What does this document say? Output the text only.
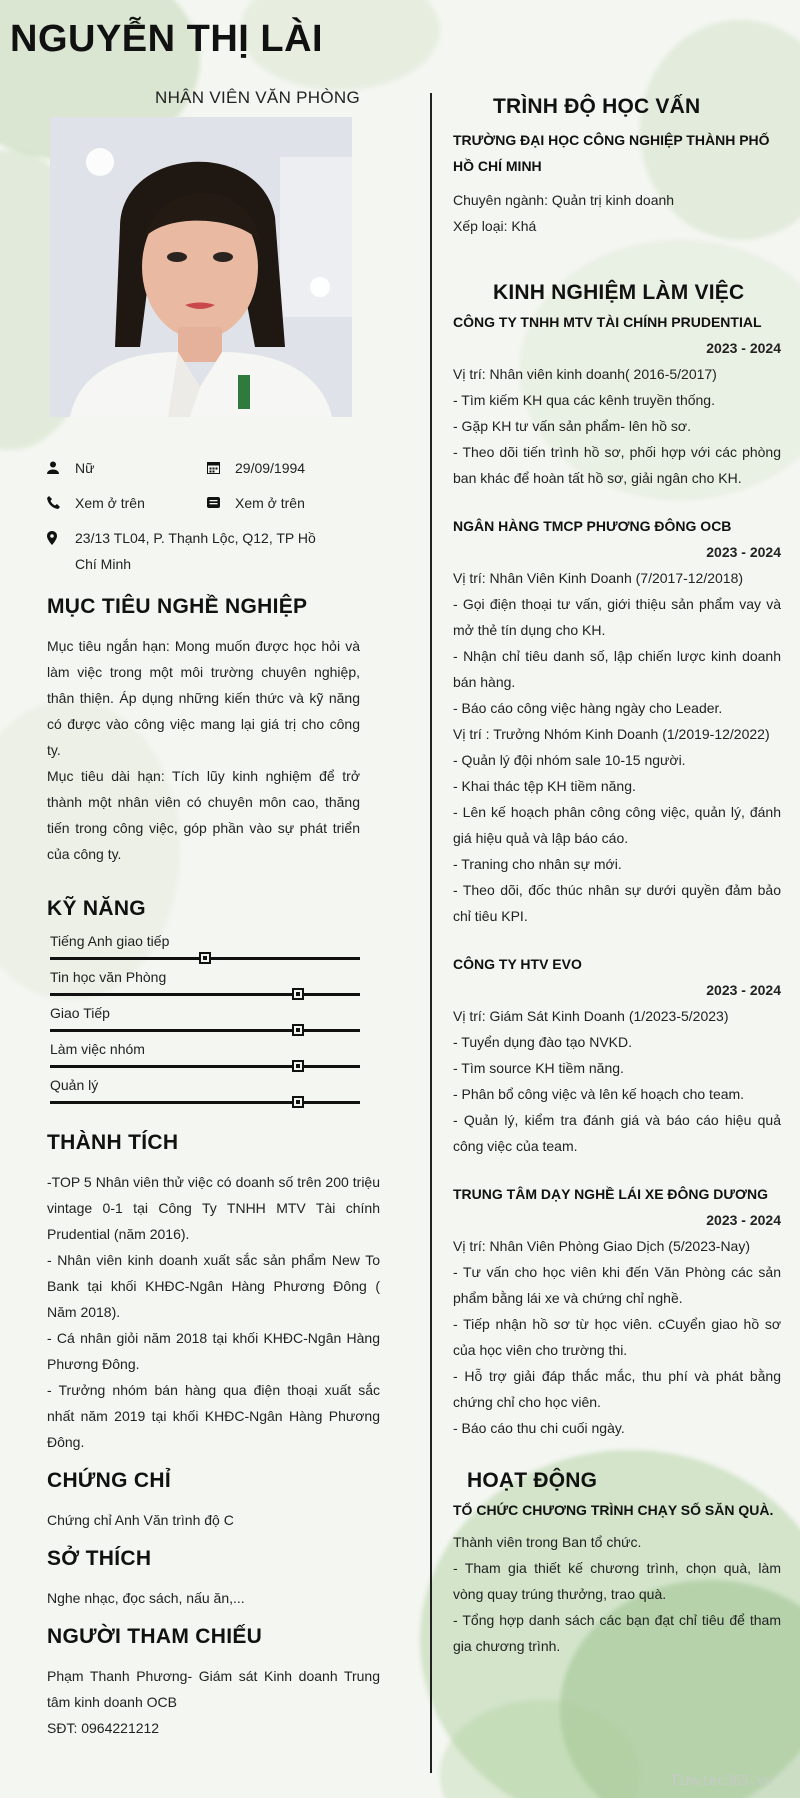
NGUYỄN THỊ LÀI
NHÂN VIÊN VĂN PHÒNG
Nữ	29/09/1994
Xem ở trên	Xem ở trên
23/13 TL04, P. Thạnh Lộc, Q12, TP Hồ Chí Minh
MỤC TIÊU NGHỀ NGHIỆP
Mục tiêu ngắn hạn: Mong muốn được học hỏi và làm việc trong một môi trường chuyên nghiệp, thân thiện. Áp dụng những kiến thức và kỹ năng có được vào công việc mang lại giá trị cho công ty.
Mục tiêu dài hạn: Tích lũy kinh nghiệm để trở thành một nhân viên có chuyên môn cao, thăng tiến trong công việc, góp phần vào sự phát triển của công ty.
KỸ NĂNG
Tiếng Anh giao tiếp
Tin học văn Phòng
Giao Tiếp
Làm việc nhóm
Quản lý
THÀNH TÍCH
-TOP 5 Nhân viên thử việc có doanh số trên 200 triệu vintage 0-1 tại Công Ty TNHH MTV Tài chính Prudential (năm 2016).
- Nhân viên kinh doanh xuất sắc sản phẩm New To Bank tại khối KHĐC-Ngân Hàng Phương Đông ( Năm 2018).
- Cá nhân giỏi năm 2018 tại khối KHĐC-Ngân Hàng Phương Đông.
- Trưởng nhóm bán hàng qua điện thoại xuất sắc nhất năm 2019 tại khối KHĐC-Ngân Hàng Phương Đông.
CHỨNG CHỈ
Chứng chỉ Anh Văn trình độ C
SỞ THÍCH
Nghe nhạc, đọc sách, nấu ăn,...
NGƯỜI THAM CHIẾU
Phạm Thanh Phương- Giám sát Kinh doanh Trung tâm kinh doanh OCB
SĐT: 0964221212
TRÌNH ĐỘ HỌC VẤN
TRƯỜNG ĐẠI HỌC CÔNG NGHIỆP THÀNH PHỐ HỒ CHÍ MINH
Chuyên ngành: Quản trị kinh doanh
Xếp loại: Khá
KINH NGHIỆM LÀM VIỆC
CÔNG TY TNHH MTV TÀI CHÍNH PRUDENTIAL
2023 - 2024
Vị trí: Nhân viên kinh doanh( 2016-5/2017)
- Tìm kiếm KH qua các kênh truyền thống.
- Gặp KH tư vấn sản phẩm- lên hồ sơ.
- Theo dõi tiến trình hồ sơ, phối hợp với các phòng ban khác để hoàn tất hồ sơ, giải ngân cho KH.
NGÂN HÀNG TMCP PHƯƠNG ĐÔNG OCB
2023 - 2024
Vị trí: Nhân Viên Kinh Doanh (7/2017-12/2018)
- Gọi điện thoại tư vấn, giới thiệu sản phẩm vay và mở thẻ tín dụng cho KH.
- Nhận chỉ tiêu danh số, lập chiến lược kinh doanh bán hàng.
- Báo cáo công việc hàng ngày cho Leader.
Vị trí : Trưởng Nhóm Kinh Doanh (1/2019-12/2022)
- Quản lý đội nhóm sale 10-15 người.
- Khai thác tệp KH tiềm năng.
- Lên kế hoạch phân công công việc, quản lý, đánh giá hiệu quả và lập báo cáo.
- Traning cho nhân sự mới.
- Theo dõi, đốc thúc nhân sự dưới quyền đảm bảo chỉ tiêu KPI.
CÔNG TY HTV EVO
2023 - 2024
Vị trí: Giám Sát Kinh Doanh (1/2023-5/2023)
- Tuyển dụng đào tạo NVKD.
- Tìm source KH tiềm năng.
- Phân bổ công việc và lên kế hoạch cho team.
- Quản lý, kiểm tra đánh giá và báo cáo hiệu quả công việc của team.
TRUNG TÂM DẠY NGHỀ LÁI XE ĐÔNG DƯƠNG
2023 - 2024
Vị trí: Nhân Viên Phòng Giao Dịch (5/2023-Nay)
- Tư vấn cho học viên khi đến Văn Phòng các sản phẩm bằng lái xe và chứng chỉ nghề.
- Tiếp nhận hồ sơ từ học viên. cCuyển giao hồ sơ của học viên cho trường thi.
- Hỗ trợ giải đáp thắc mắc, thu phí và phát bằng chứng chỉ cho học viên.
- Báo cáo thu chi cuối ngày.
HOẠT ĐỘNG
TỔ CHỨC CHƯƠNG TRÌNH CHẠY SỐ SĂN QUÀ.
Thành viên trong Ban tổ chức.
- Tham gia thiết kế chương trình, chọn quà, làm vòng quay trúng thưởng, trao quà.
- Tổng hợp danh sách các bạn đạt chỉ tiêu để tham gia chương trình.
Timviec365.vn
